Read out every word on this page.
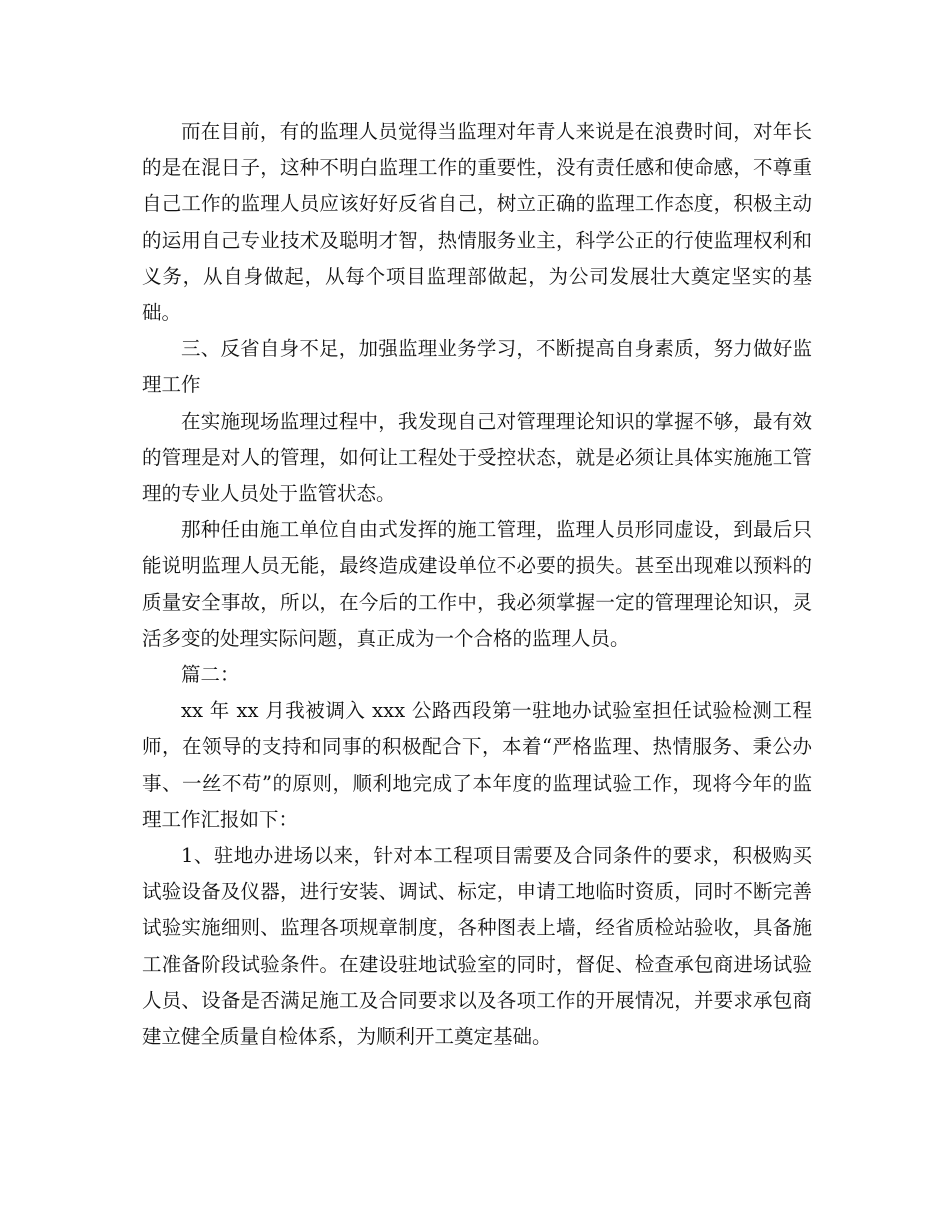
而在目前，有的监理人员觉得当监理对年青人来说是在浪费时间，对年长的是在混日子，这种不明白监理工作的重要性，没有责任感和使命感，不尊重自己工作的监理人员应该好好反省自己，树立正确的监理工作态度，积极主动的运用自己专业技术及聪明才智，热情服务业主，科学公正的行使监理权利和义务，从自身做起，从每个项目监理部做起，为公司发展壮大奠定坚实的基础。

三、反省自身不足，加强监理业务学习，不断提高自身素质，努力做好监理工作

在实施现场监理过程中，我发现自己对管理理论知识的掌握不够，最有效的管理是对人的管理，如何让工程处于受控状态，就是必须让具体实施施工管理的专业人员处于监管状态。

那种任由施工单位自由式发挥的施工管理，监理人员形同虚设，到最后只能说明监理人员无能，最终造成建设单位不必要的损失。甚至出现难以预料的质量安全事故，所以，在今后的工作中，我必须掌握一定的管理理论知识，灵活多变的处理实际问题，真正成为一个合格的监理人员。

篇二：

xx 年 xx 月我被调入 xxx 公路西段第一驻地办试验室担任试验检测工程师，在领导的支持和同事的积极配合下，本着“严格监理、热情服务、秉公办事、一丝不苟”的原则，顺利地完成了本年度的监理试验工作，现将今年的监理工作汇报如下：

1、驻地办进场以来，针对本工程项目需要及合同条件的要求，积极购买试验设备及仪器，进行安装、调试、标定，申请工地临时资质，同时不断完善试验实施细则、监理各项规章制度，各种图表上墙，经省质检站验收，具备施工准备阶段试验条件。在建设驻地试验室的同时，督促、检查承包商进场试验人员、设备是否满足施工及合同要求以及各项工作的开展情况，并要求承包商建立健全质量自检体系，为顺利开工奠定基础。
